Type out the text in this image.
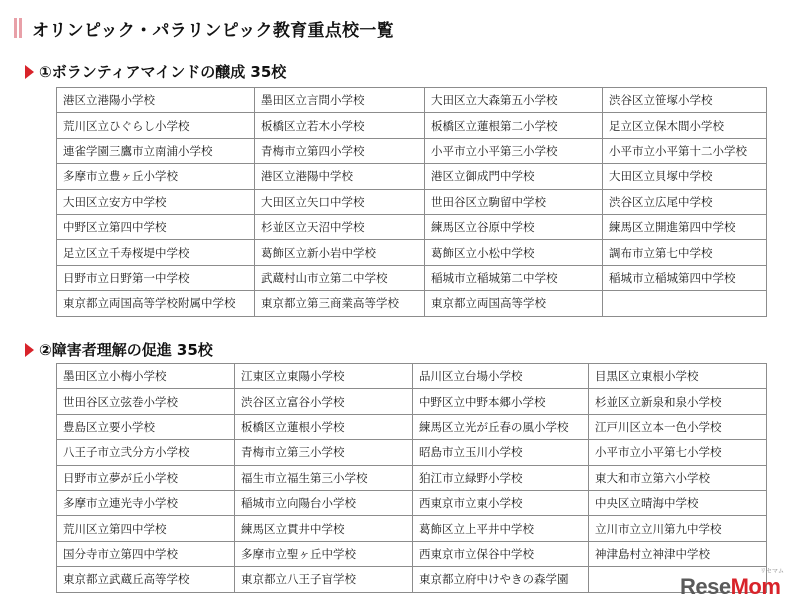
オリンピック・パラリンピック教育重点校一覧
①ボランティアマインドの醸成 35校
港区立港陽小学校	墨田区立言問小学校	大田区立大森第五小学校	渋谷区立笹塚小学校
荒川区立ひぐらし小学校	板橋区立若木小学校	板橋区立蓮根第二小学校	足立区立保木間小学校
連雀学園三鷹市立南浦小学校	青梅市立第四小学校	小平市立小平第三小学校	小平市立小平第十二小学校
多摩市立豊ヶ丘小学校	港区立港陽中学校	港区立御成門中学校	大田区立貝塚中学校
大田区立安方中学校	大田区立矢口中学校	世田谷区立駒留中学校	渋谷区立広尾中学校
中野区立第四中学校	杉並区立天沼中学校	練馬区立谷原中学校	練馬区立開進第四中学校
足立区立千寿桜堤中学校	葛飾区立新小岩中学校	葛飾区立小松中学校	調布市立第七中学校
日野市立日野第一中学校	武蔵村山市立第二中学校	稲城市立稲城第二中学校	稲城市立稲城第四中学校
東京都立両国高等学校附属中学校	東京都立第三商業高等学校	東京都立両国高等学校	
②障害者理解の促進 35校
墨田区立小梅小学校	江東区立東陽小学校	品川区立台場小学校	目黒区立東根小学校
世田谷区立弦巻小学校	渋谷区立富谷小学校	中野区立中野本郷小学校	杉並区立新泉和泉小学校
豊島区立要小学校	板橋区立蓮根小学校	練馬区立光が丘春の風小学校	江戸川区立本一色小学校
八王子市立弐分方小学校	青梅市立第三小学校	昭島市立玉川小学校	小平市立小平第七小学校
日野市立夢が丘小学校	福生市立福生第三小学校	狛江市立緑野小学校	東大和市立第六小学校
多摩市立連光寺小学校	稲城市立向陽台小学校	西東京市立東小学校	中央区立晴海中学校
荒川区立第四中学校	練馬区立貫井中学校	葛飾区立上平井中学校	立川市立立川第九中学校
国分寺市立第四中学校	多摩市立聖ヶ丘中学校	西東京市立保谷中学校	神津島村立神津中学校
東京都立武蔵丘高等学校	東京都立八王子盲学校	東京都立府中けやきの森学園		ReseMom
リセマム
